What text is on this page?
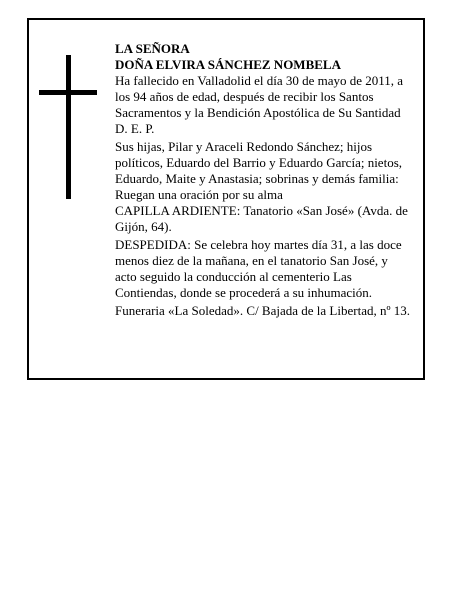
LA SEÑORA
DOÑA ELVIRA SÁNCHEZ NOMBELA
Ha fallecido en Valladolid el día 30 de mayo de 2011, a
los 94 años de edad, después de recibir los Santos
Sacramentos y la Bendición Apostólica de Su Santidad
D. E. P.
Sus hijas, Pilar y Araceli Redondo Sánchez; hijos
políticos, Eduardo del Barrio y Eduardo García; nietos,
Eduardo, Maite y Anastasia; sobrinas y demás familia:
Ruegan una oración por su alma
CAPILLA ARDIENTE: Tanatorio «San José» (Avda. de
Gijón, 64).
DESPEDIDA: Se celebra hoy martes día 31, a las doce
menos diez de la mañana, en el tanatorio San José, y
acto seguido la conducción al cementerio Las
Contiendas, donde se procederá a su inhumación.
Funeraria «La Soledad». C/ Bajada de la Libertad, nº 13.
